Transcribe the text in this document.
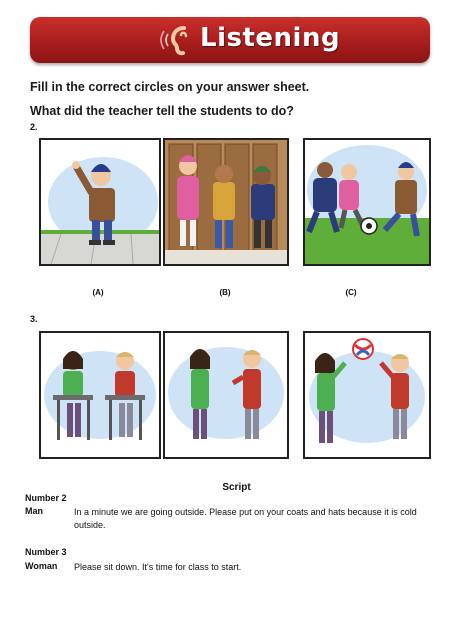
Listening
Fill in the correct circles on your answer sheet.
What did the teacher tell the students to do?
2.
(A)	(B)	(C)
3.
Script
Number 2
Man	In a minute we are going outside. Please put on your coats and hats because it is cold outside.
Number 3
Woman Please sit down. It's time for class to start.
